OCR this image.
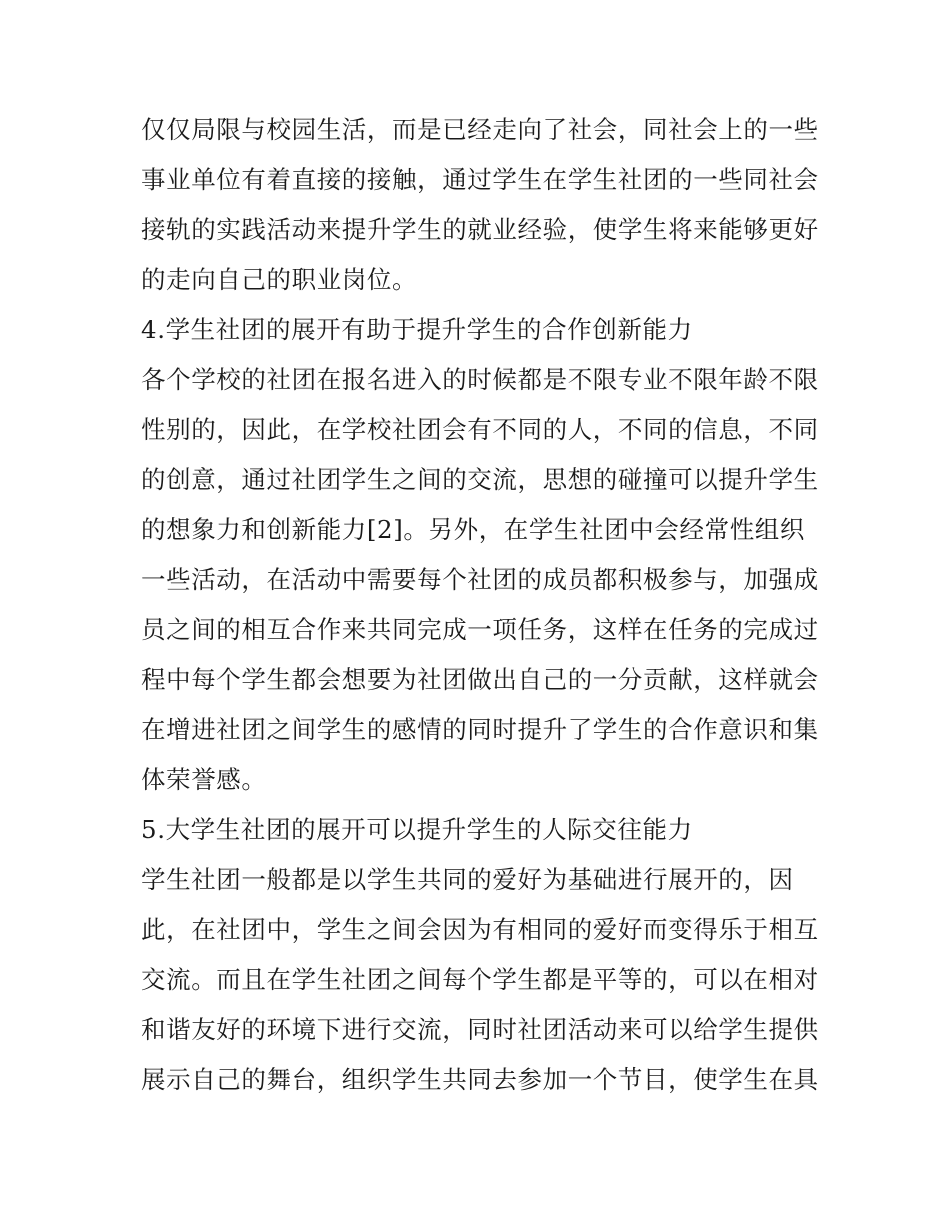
仅仅局限与校园生活，而是已经走向了社会，同社会上的一些
事业单位有着直接的接触，通过学生在学生社团的一些同社会
接轨的实践活动来提升学生的就业经验，使学生将来能够更好
的走向自己的职业岗位。
4.学生社团的展开有助于提升学生的合作创新能力
各个学校的社团在报名进入的时候都是不限专业不限年龄不限
性别的，因此，在学校社团会有不同的人，不同的信息，不同
的创意，通过社团学生之间的交流，思想的碰撞可以提升学生
的想象力和创新能力[2]。另外，在学生社团中会经常性组织
一些活动，在活动中需要每个社团的成员都积极参与，加强成
员之间的相互合作来共同完成一项任务，这样在任务的完成过
程中每个学生都会想要为社团做出自己的一分贡献，这样就会
在增进社团之间学生的感情的同时提升了学生的合作意识和集
体荣誉感。
5.大学生社团的展开可以提升学生的人际交往能力
学生社团一般都是以学生共同的爱好为基础进行展开的，因
此，在社团中，学生之间会因为有相同的爱好而变得乐于相互
交流。而且在学生社团之间每个学生都是平等的，可以在相对
和谐友好的环境下进行交流，同时社团活动来可以给学生提供
展示自己的舞台，组织学生共同去参加一个节目，使学生在具
